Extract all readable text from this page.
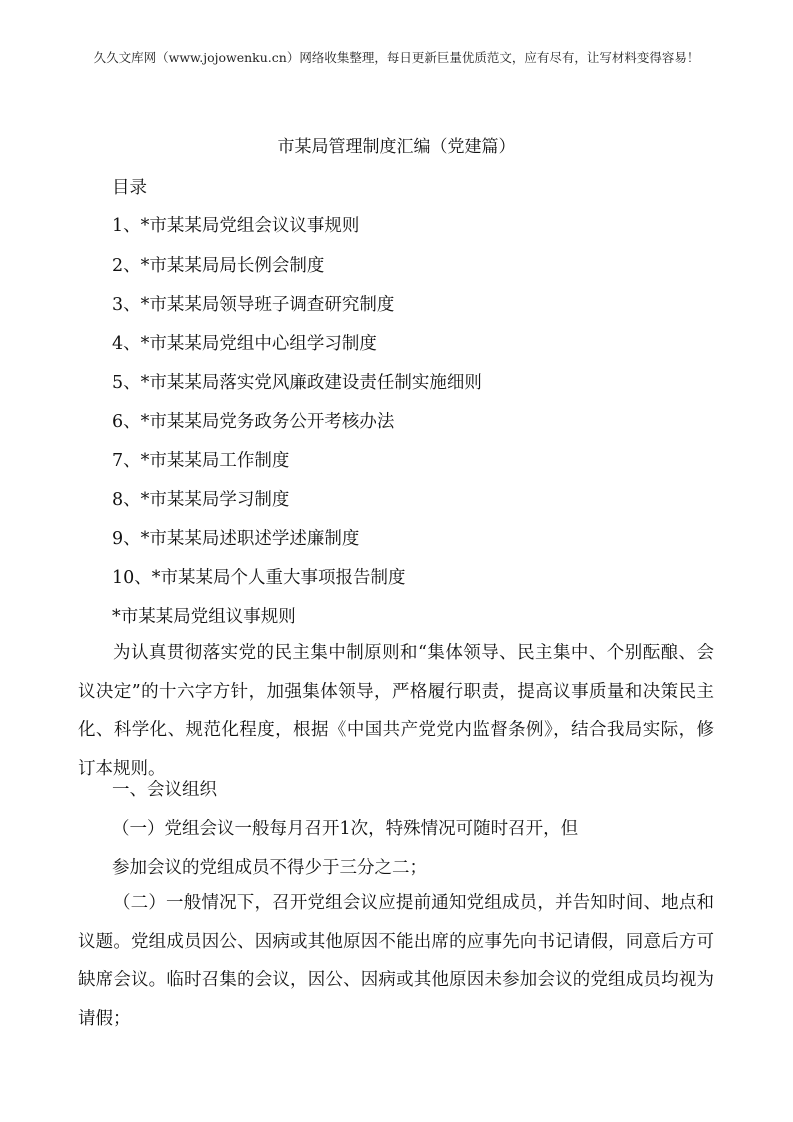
久久文库网（www.jojowenku.cn）网络收集整理，每日更新巨量优质范文，应有尽有，让写材料变得容易！
市某局管理制度汇编（党建篇）
目录
1、*市某某局党组会议议事规则
2、*市某某局局长例会制度
3、*市某某局领导班子调查研究制度
4、*市某某局党组中心组学习制度
5、*市某某局落实党风廉政建设责任制实施细则
6、*市某某局党务政务公开考核办法
7、*市某某局工作制度
8、*市某某局学习制度
9、*市某某局述职述学述廉制度
10、*市某某局个人重大事项报告制度
*市某某局党组议事规则
为认真贯彻落实党的民主集中制原则和“集体领导、民主集中、个别酝酿、会议决定”的十六字方针，加强集体领导，严格履行职责，提高议事质量和决策民主化、科学化、规范化程度，根据《中国共产党党内监督条例》，结合我局实际，修订本规则。
一、会议组织
（一）党组会议一般每月召开1次，特殊情况可随时召开，但
参加会议的党组成员不得少于三分之二；
（二）一般情况下，召开党组会议应提前通知党组成员，并告知时间、地点和议题。党组成员因公、因病或其他原因不能出席的应事先向书记请假，同意后方可缺席会议。临时召集的会议，因公、因病或其他原因未参加会议的党组成员均视为请假；
